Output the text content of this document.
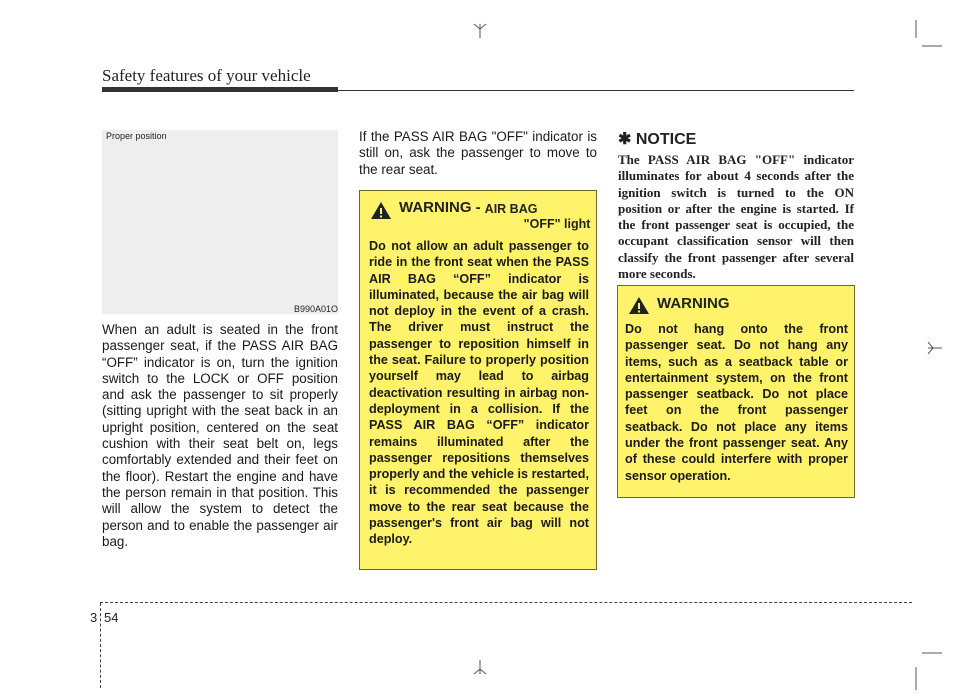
Safety features of your vehicle
Proper position
B990A01O
When an adult is seated in the front passenger seat, if the PASS AIR BAG “OFF” indicator is on, turn the ignition switch to the LOCK or OFF position and ask the passenger to sit properly (sitting upright with the seat back in an upright position, centered on the seat cushion with their seat belt on, legs comfortably extended and their feet on the floor). Restart the engine and have the person remain in that position. This will allow the system to detect the person and to enable the passenger air bag.
If the PASS AIR BAG "OFF" indicator is still on, ask the passenger to move to the rear seat.
WARNING - AIR BAG
"OFF" light
Do not allow an adult passenger to ride in the front seat when the PASS AIR BAG “OFF” indicator is illuminated, because the air bag will not deploy in the event of a crash. The driver must instruct the passenger to reposition himself in the seat. Failure to properly position yourself may lead to airbag deactivation resulting in airbag non-deployment in a collision. If the PASS AIR BAG “OFF” indicator remains illuminated after the passenger repositions themselves properly and the vehicle is restarted, it is recommended the passenger move to the rear seat because the passenger's front air bag will not deploy.
✱ NOTICE
The PASS AIR BAG "OFF" indicator illuminates for about 4 seconds after the ignition switch is turned to the ON position or after the engine is started. If the front passenger seat is occupied, the occupant classification sensor will then classify the front passenger after several more seconds.
WARNING
Do not hang onto the front passenger seat. Do not hang any items, such as a seatback table or entertainment system, on the front passenger seatback. Do not place feet on the front passenger seatback. Do not place any items under the front passenger seat. Any of these could interfere with proper sensor operation.
3 54
